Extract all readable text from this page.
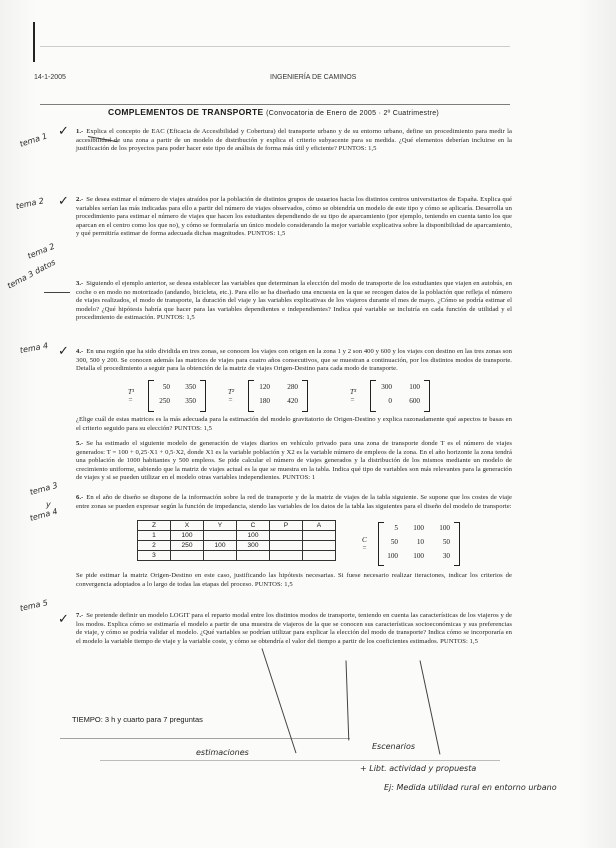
14-1-2005	INGENIERÍA DE CAMINOS
COMPLEMENTOS DE TRANSPORTE (Convocatoria de Enero de 2005 · 2º Cuatrimestre)
1.- Explica el concepto de EAC (Eficacia de Accesibilidad y Cobertura) del transporte urbano y de su entorno urbano, define un procedimiento para medir la accesibilidad de una zona a partir de un modelo de distribución y explica el criterio subyacente para su medida. ¿Qué elementos deberían incluirse en la justificación de los proyectos para poder hacer este tipo de análisis de forma más útil y eficiente? PUNTOS: 1,5
2.- Se desea estimar el número de viajes atraídos por la población de distintos grupos de usuarios hacia los distintos centros universitarios de España. Explica qué variables serían las más indicadas para ello a partir del número de viajes observados, cómo se obtendría un modelo de este tipo y cómo se aplicaría. Desarrolla un procedimiento para estimar el número de viajes que hacen los estudiantes dependiendo de su tipo de aparcamiento (por ejemplo, teniendo en cuenta tanto los que aparcan en el centro como los que no), y cómo se formularía un único modelo considerando la mejor variable explicativa sobre la disponibilidad de aparcamiento, y qué permitiría estimar de forma adecuada dichas magnitudes. PUNTOS: 1,5
3.- Siguiendo el ejemplo anterior, se desea establecer las variables que determinan la elección del modo de transporte de los estudiantes que viajen en autobús, en coche o en modo no motorizado (andando, bicicleta, etc.). Para ello se ha diseñado una encuesta en la que se recogen datos de la población que refleja el número de viajes realizados, el modo de transporte, la duración del viaje y las variables explicativas de los viajeros durante el mes de mayo. ¿Cómo se podría estimar el modelo? ¿Qué hipótesis habría que hacer para las variables dependientes e independientes? Indica qué variable se incluiría en cada función de utilidad y el procedimiento de estimación. PUNTOS: 1,5
4.- En una región que ha sido dividida en tres zonas, se conocen los viajes con origen en la zona 1 y 2 son 400 y 600 y los viajes con destino en las tres zonas son 300, 500 y 200. Se conocen además las matrices de viajes para cuatro años consecutivos, que se muestran a continuación, por los distintos modos de transporte. Detalla el procedimiento a seguir para la obtención de la matriz de viajes Origen-Destino para cada modo de transporte.
T¹ =
50	350
250	350
T² =
120	280
180	420
T³ =
300	100
0	600
¿Elige cuál de estas matrices es la más adecuada para la estimación del modelo gravitatorio de Origen-Destino y explica razonadamente qué aspectos te basas en el criterio seguido para su elección? PUNTOS: 1,5
5.- Se ha estimado el siguiente modelo de generación de viajes diarios en vehículo privado para una zona de transporte donde T es el número de viajes generados: T = 100 + 0,25·X1 + 0,5·X2, donde X1 es la variable población y X2 es la variable número de empleos de la zona. En el año horizonte la zona tendrá una población de 1000 habitantes y 500 empleos. Se pide calcular el número de viajes generados y la distribución de los mismos mediante un modelo de crecimiento uniforme, sabiendo que la matriz de viajes actual es la que se muestra en la tabla. Indica qué tipo de variables son más relevantes para la generación de viajes y si se pueden utilizar en el modelo otras variables independientes. PUNTOS: 1
6.- En el año de diseño se dispone de la información sobre la red de transporte y de la matriz de viajes de la tabla siguiente. Se supone que los costes de viaje entre zonas se pueden expresar según la función de impedancia, siendo las variables de los datos de la tabla las siguientes para el diseño del modelo de transporte:
Z	X	Y	C	P	A
1	100		100		
2	250	100	300		
3					
C =
5	100	100
50	10	50
100	100	30
Se pide estimar la matriz Origen-Destino en este caso, justificando las hipótesis necesarias. Si fuese necesario realizar iteraciones, indicar los criterios de convergencia adoptados a lo largo de todas las etapas del proceso. PUNTOS: 1,5
7.- Se pretende definir un modelo LOGIT para el reparto modal entre los distintos modos de transporte, teniendo en cuenta las características de los viajeros y de los modos. Explica cómo se estimaría el modelo a partir de una muestra de viajeros de la que se conocen sus características socioeconómicas y sus preferencias de viaje, y cómo se podría validar el modelo. ¿Qué variables se podrían utilizar para explicar la elección del modo de transporte? Indica cómo se incorporaría en el modelo la variable tiempo de viaje y la variable coste, y cómo se obtendría el valor del tiempo a partir de los coeficientes estimados. PUNTOS: 1,5
TIEMPO: 3 h y cuarto para 7 preguntas
tema 1
tema 2
tema 2
tema 3 datos
tema 4
tema 3
y
tema 4
tema 5
estimaciones
Escenarios
+ Libt. actividad y propuesta
Ej: Medida utilidad rural en entorno urbano
✓
✓
✓
✓
